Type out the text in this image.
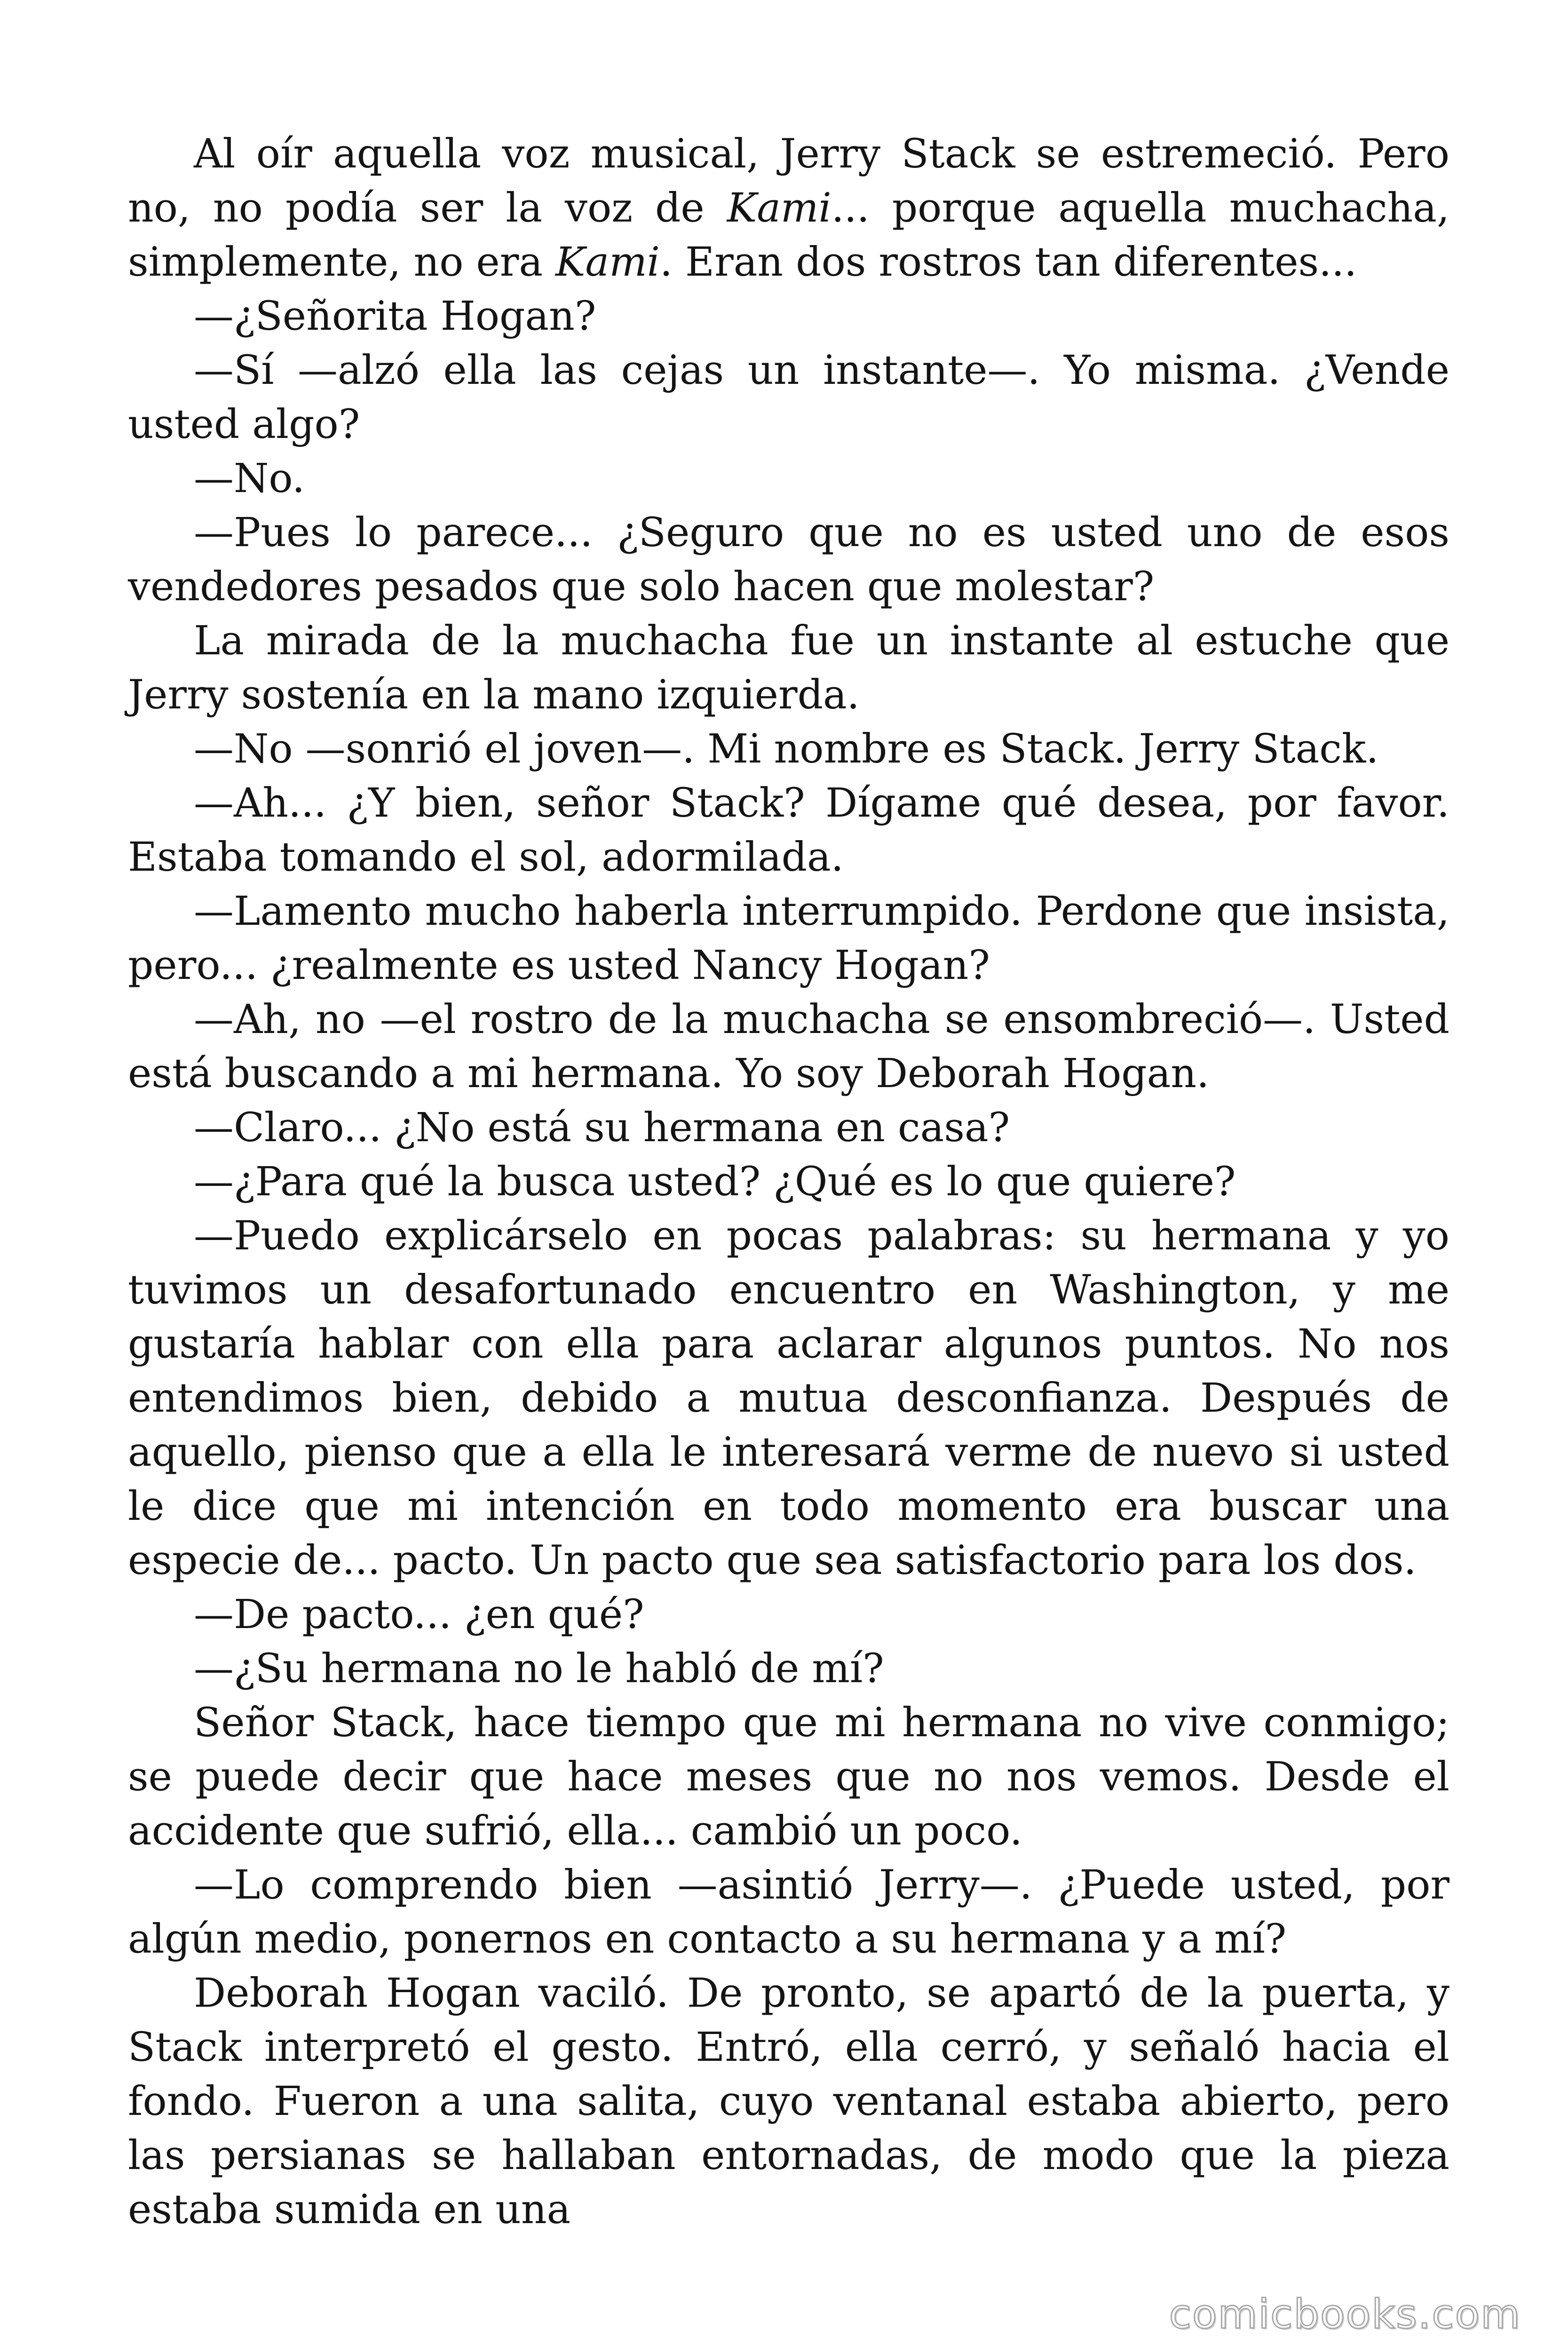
Al oír aquella voz musical, Jerry Stack se estremeció. Pero no, no podía ser la voz de Kami... porque aquella muchacha, simplemente, no era Kami. Eran dos rostros tan diferentes...

—¿Señorita Hogan?

—Sí —alzó ella las cejas un instante—. Yo misma. ¿Vende usted algo?

—No.

—Pues lo parece... ¿Seguro que no es usted uno de esos vendedores pesados que solo hacen que molestar?

La mirada de la muchacha fue un instante al estuche que Jerry sostenía en la mano izquierda.

—No —sonrió el joven—. Mi nombre es Stack. Jerry Stack.

—Ah... ¿Y bien, señor Stack? Dígame qué desea, por favor. Estaba tomando el sol, adormilada.

—Lamento mucho haberla interrumpido. Perdone que insista, pero... ¿realmente es usted Nancy Hogan?

—Ah, no —el rostro de la muchacha se ensombreció—. Usted está buscando a mi hermana. Yo soy Deborah Hogan.

—Claro... ¿No está su hermana en casa?

—¿Para qué la busca usted? ¿Qué es lo que quiere?

—Puedo explicárselo en pocas palabras: su hermana y yo tuvimos un desafortunado encuentro en Washington, y me gustaría hablar con ella para aclarar algunos puntos. No nos entendimos bien, debido a mutua desconfianza. Después de aquello, pienso que a ella le interesará verme de nuevo si usted le dice que mi intención en todo momento era buscar una especie de... pacto. Un pacto que sea satisfactorio para los dos.

—De pacto... ¿en qué?

—¿Su hermana no le habló de mí?

Señor Stack, hace tiempo que mi hermana no vive conmigo; se puede decir que hace meses que no nos vemos. Desde el accidente que sufrió, ella... cambió un poco.

—Lo comprendo bien —asintió Jerry—. ¿Puede usted, por algún medio, ponernos en contacto a su hermana y a mí?

Deborah Hogan vaciló. De pronto, se apartó de la puerta, y Stack interpretó el gesto. Entró, ella cerró, y señaló hacia el fondo. Fueron a una salita, cuyo ventanal estaba abierto, pero las persianas se hallaban entornadas, de modo que la pieza estaba sumida en una

comicbooks.com
